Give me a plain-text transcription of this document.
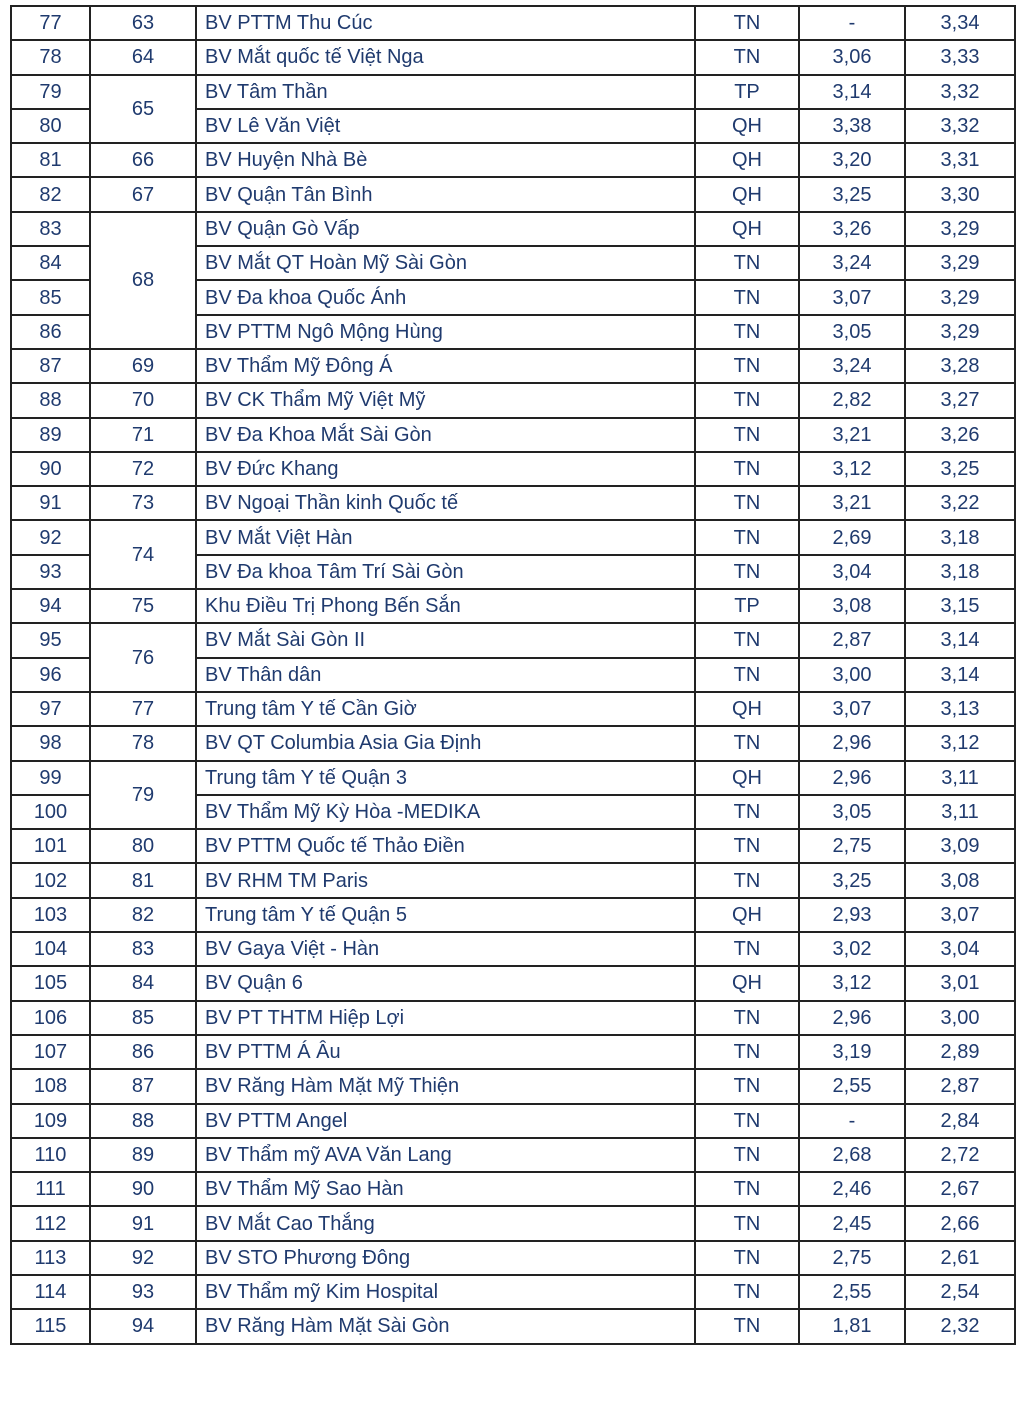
77	63	BV PTTM Thu Cúc	TN	-	3,34
78	64	BV Mắt quốc tế Việt Nga	TN	3,06	3,33
79	65	BV Tâm Thần	TP	3,14	3,32
80		BV Lê Văn Việt	QH	3,38	3,32
81	66	BV Huyện Nhà Bè	QH	3,20	3,31
82	67	BV Quận Tân Bình	QH	3,25	3,30
83	68	BV Quận Gò Vấp	QH	3,26	3,29
84		BV Mắt QT Hoàn Mỹ Sài Gòn	TN	3,24	3,29
85		BV Đa khoa Quốc Ánh	TN	3,07	3,29
86		BV PTTM Ngô Mộng Hùng	TN	3,05	3,29
87	69	BV Thẩm Mỹ Đông Á	TN	3,24	3,28
88	70	BV CK Thẩm Mỹ Việt Mỹ	TN	2,82	3,27
89	71	BV Đa Khoa Mắt Sài Gòn	TN	3,21	3,26
90	72	BV Đức Khang	TN	3,12	3,25
91	73	BV Ngoại Thần kinh Quốc tế	TN	3,21	3,22
92	74	BV Mắt Việt Hàn	TN	2,69	3,18
93		BV Đa khoa Tâm Trí Sài Gòn	TN	3,04	3,18
94	75	Khu Điều Trị Phong Bến Sắn	TP	3,08	3,15
95	76	BV Mắt Sài Gòn II	TN	2,87	3,14
96		BV Thân dân	TN	3,00	3,14
97	77	Trung tâm Y tế Cần Giờ	QH	3,07	3,13
98	78	BV QT Columbia Asia Gia Định	TN	2,96	3,12
99	79	Trung tâm Y tế Quận 3	QH	2,96	3,11
100		BV Thẩm Mỹ Kỳ Hòa -MEDIKA	TN	3,05	3,11
101	80	BV PTTM Quốc tế Thảo Điền	TN	2,75	3,09
102	81	BV RHM TM Paris	TN	3,25	3,08
103	82	Trung tâm Y tế Quận 5	QH	2,93	3,07
104	83	BV Gaya Việt - Hàn	TN	3,02	3,04
105	84	BV Quận 6	QH	3,12	3,01
106	85	BV PT THTM Hiệp Lợi	TN	2,96	3,00
107	86	BV PTTM Á Âu	TN	3,19	2,89
108	87	BV Răng Hàm Mặt Mỹ Thiện	TN	2,55	2,87
109	88	BV PTTM Angel	TN	-	2,84
110	89	BV Thẩm mỹ AVA Văn Lang	TN	2,68	2,72
111	90	BV Thẩm Mỹ Sao Hàn	TN	2,46	2,67
112	91	BV Mắt Cao Thắng	TN	2,45	2,66
113	92	BV STO Phương Đông	TN	2,75	2,61
114	93	BV Thẩm mỹ Kim Hospital	TN	2,55	2,54
115	94	BV Răng Hàm Mặt Sài Gòn	TN	1,81	2,32
